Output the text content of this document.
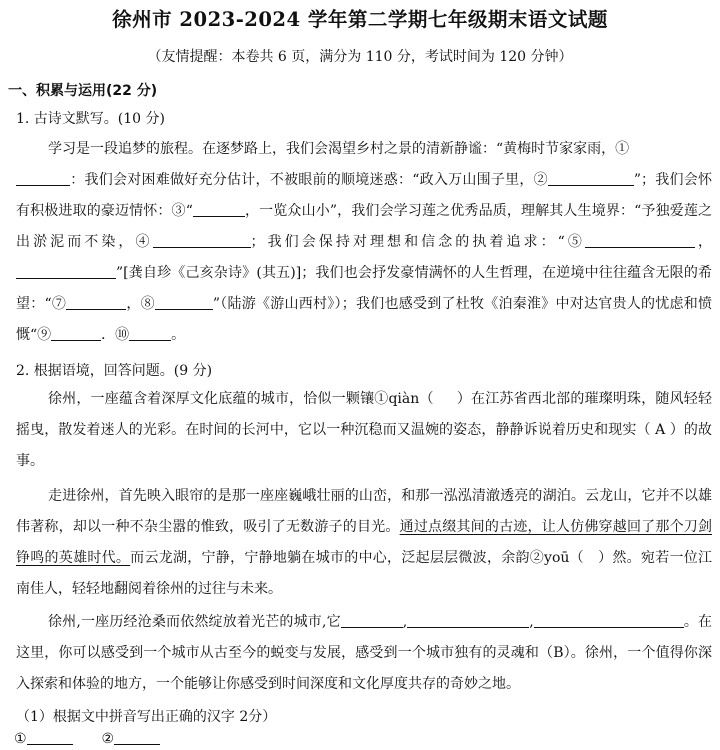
徐州市 2023-2024 学年第二学期七年级期末语文试题
（友情提醒：本卷共 6 页，满分为 110 分，考试时间为 120 分钟）
一、积累与运用(22 分)
1. 古诗文默写。(10 分)

学习是一段追梦的旅程。在逐梦路上，我们会渴望乡村之景的清新静谧：“黄梅时节家家雨，①
：我们会对困难做好充分估计，不被眼前的顺境迷惑：“政入万山围子里，②	”；我们会怀有积极进取的豪迈情怀：③“	，一览众山小”，我们会学习莲之优秀品质，理解其人生境界：“予独爱莲之出淤泥而不染，④	；我们会保持对理想和信念的执着追求：“⑤	，”[龚自珍《己亥杂诗》(其五)]；我们也会抒发豪情满怀的人生哲理，在逆境中往往蕴含无限的希望：“⑦	，⑧	”（陆游《游山西村》）；我们也感受到了杜牧《泊秦淮》中对达官贵人的忧虑和愤慨“⑨	．⑩	。

2. 根据语境，回答问题。(9 分)

徐州，一座蕴含着深厚文化底蕴的城市，恰似一颗镶①qiàn（ ）在江苏省西北部的璀璨明珠，随风轻轻摇曳，散发着迷人的光彩。在时间的长河中，它以一种沉稳而又温婉的姿态，静静诉说着历史和现实（ A ）的故事。

走进徐州，首先映入眼帘的是那一座座巍峨壮丽的山峦，和那一泓泓清澈透亮的湖泊。云龙山，它并不以雄伟著称，却以一种不杂尘嚣的惟致，吸引了无数游子的目光。通过点缀其间的古迹，让人仿佛穿越回了那个刀剑铮鸣的英雄时代。而云龙湖，宁静，宁静地躺在城市的中心，泛起层层微波，余韵②yoū（ ）然。宛若一位江南佳人，轻轻地翻阅着徐州的过往与未来。

徐州,一座历经沧桑而依然绽放着光芒的城市,它	,	,	。在这里，你可以感受到一个城市从古至今的蜕变与发展，感受到一个城市独有的灵魂和（B）。徐州，一个值得你深入探索和体验的地方，一个能够让你感受到时间深度和文化厚度共存的奇妙之地。

（1）根据文中拼音写出正确的汉字 2分）

①	②
